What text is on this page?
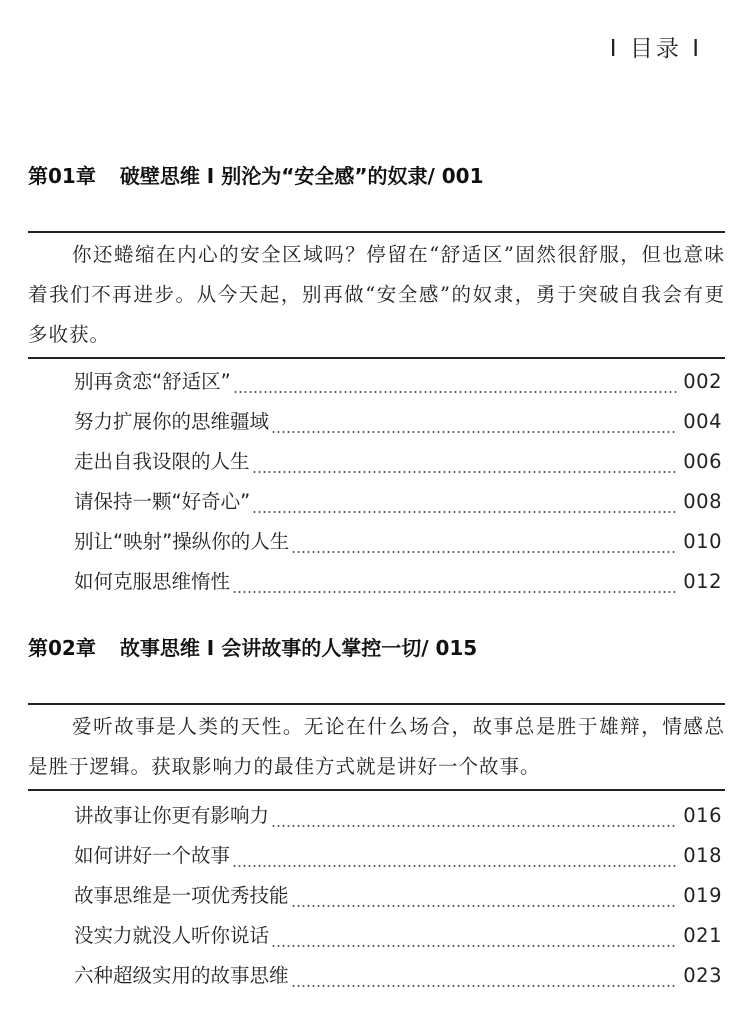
I 目录 I
第01章 破壁思维 I 别沦为“安全感”的奴隶/ 001

你还蜷缩在内心的安全区域吗？停留在“舒适区”固然很舒服，但也意味着我们不再进步。从今天起，别再做“安全感”的奴隶，勇于突破自我会有更多收获。

别再贪恋“舒适区”	002
努力扩展你的思维疆域	004
走出自我设限的人生	006
请保持一颗“好奇心”	008
别让“映射”操纵你的人生	010
如何克服思维惰性	012
第02章 故事思维 I 会讲故事的人掌控一切/ 015

爱听故事是人类的天性。无论在什么场合，故事总是胜于雄辩，情感总是胜于逻辑。获取影响力的最佳方式就是讲好一个故事。

讲故事让你更有影响力	016
如何讲好一个故事	018
故事思维是一项优秀技能	019
没实力就没人听你说话	021
六种超级实用的故事思维	023
